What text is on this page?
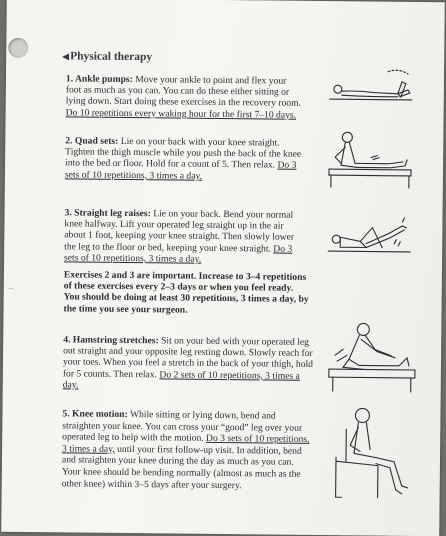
⌒
◀Physical therapy
1. Ankle pumps: Move your ankle to point and flex your foot as much as you can. You can do these either sitting or lying down. Start doing these exercises in the recovery room. Do 10 repetitions every waking hour for the first 7–10 days.
2. Quad sets: Lie on your back with your knee straight. Tighten the thigh muscle while you push the back of the knee into the bed or floor. Hold for a count of 5. Then relax. Do 3 sets of 10 repetitions, 3 times a day.
3. Straight leg raises: Lie on your back. Bend your normal knee halfway. Lift your operated leg straight up in the air about 1 foot, keeping your knee straight. Then slowly lower the leg to the floor or bed, keeping your knee straight. Do 3 sets of 10 repetitions, 3 times a day.
Exercises 2 and 3 are important. Increase to 3–4 repetitions of these exercises every 2–3 days or when you feel ready. You should be doing at least 30 repetitions, 3 times a day, by the time you see your surgeon.
4. Hamstring stretches: Sit on your bed with your operated leg out straight and your opposite leg resting down. Slowly reach for your toes. When you feel a stretch in the back of your thigh, hold for 5 counts. Then relax. Do 2 sets of 10 repetitions, 3 times a day.
5. Knee motion: While sitting or lying down, bend and straighten your knee. You can cross your “good” leg over your operated leg to help with the motion. Do 3 sets of 10 repetitions, 3 times a day, until your first follow-up visit. In addition, bend and straighten your knee during the day as much as you can. Your knee should be bending normally (almost as much as the other knee) within 3–5 days after your surgery.
